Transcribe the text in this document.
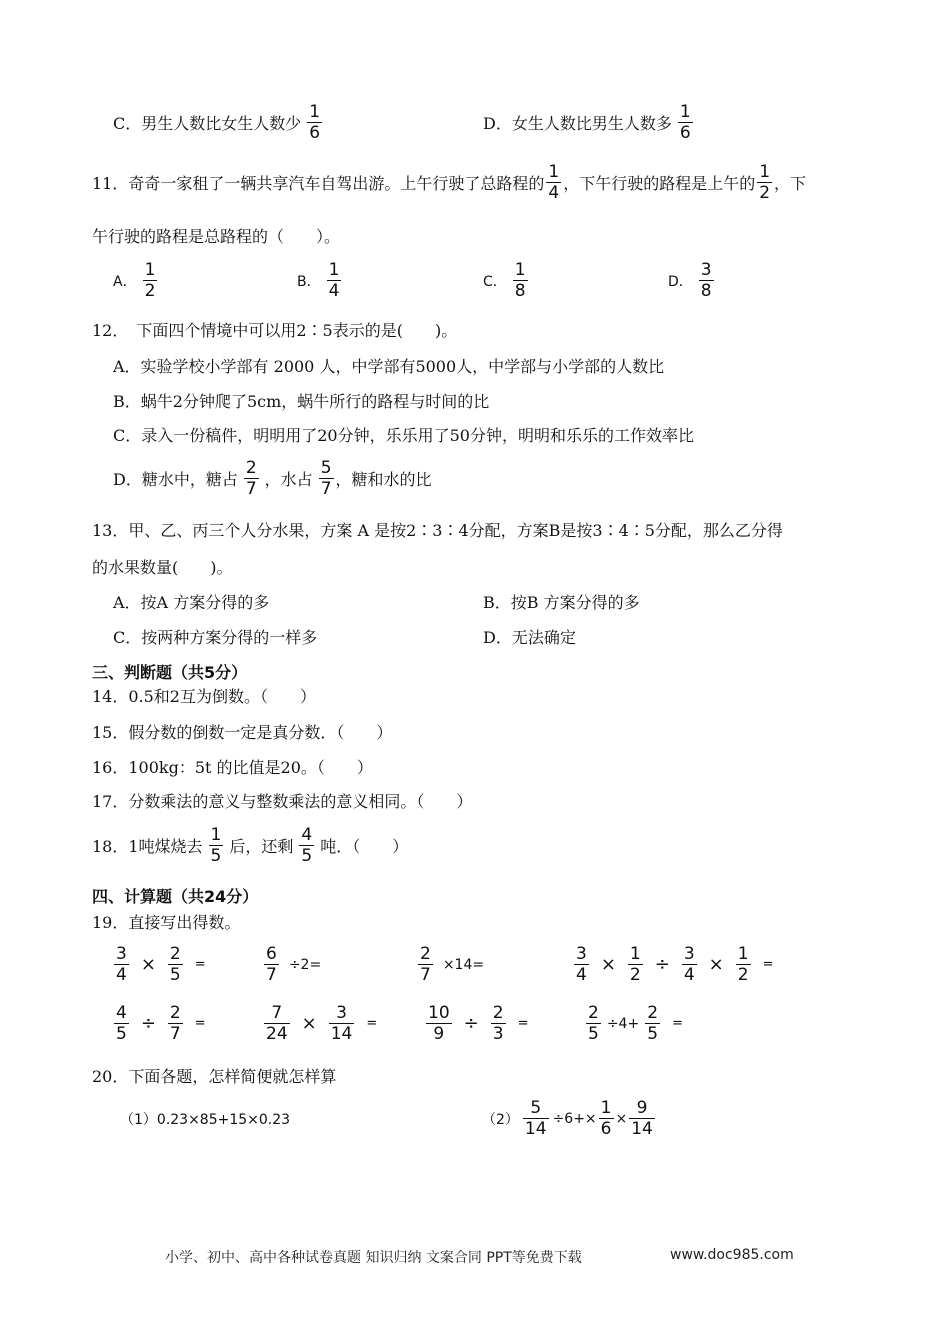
C．男生人数比女生人数少 $\frac{1}{6}$	D．女生人数比男生人数多 $\frac{1}{6}$
11．奇奇一家租了一辆共享汽车自驾出游。上午行驶了总路程的 $\frac{1}{4}$ ，下午行驶的路程是上午的 $\frac{1}{2}$ ，下
午行驶的路程是总路程的（　　）。
A． $\frac{1}{2}$	B． $\frac{1}{4}$	C． $\frac{1}{8}$	D． $\frac{3}{8}$
12．　下面四个情境中可以用2∶5表示的是(　　)。
A．实验学校小学部有 2000 人，中学部有5000人，中学部与小学部的人数比
B．蜗牛2分钟爬了5cm，蜗牛所行的路程与时间的比
C．录入一份稿件，明明用了20分钟，乐乐用了50分钟，明明和乐乐的工作效率比
D．糖水中，糖占 $\frac{2}{7}$ ，水占 $\frac{5}{7}$ ，糖和水的比
13．甲、乙、丙三个人分水果，方案 A 是按2∶3∶4分配，方案B是按3∶4∶5分配，那么乙分得
的水果数量(　　)。
A．按A 方案分得的多	B．按B 方案分得的多
C．按两种方案分得的一样多	D．无法确定
三、判断题（共5分）
14．0.5和2互为倒数。（　　）
15．假分数的倒数一定是真分数．（　　）
16．100kg：5t 的比值是20。（　　）
17．分数乘法的意义与整数乘法的意义相同。（　　）
18．1吨煤烧去 $\frac{1}{5}$ 后，还剩 $\frac{4}{5}$ 吨．（　　）
四、计算题（共24分）
19．直接写出得数。
$\frac{3}{4} \times \frac{2}{5}$ =	$\frac{6}{7} \div 2=$	$\frac{2}{7} \times 14=$	$\frac{3}{4} \times \frac{1}{2} \div \frac{3}{4} \times \frac{1}{2}$ =
$\frac{4}{5} \div \frac{2}{7}$ =	$\frac{7}{24} \times \frac{3}{14}$ =	$\frac{10}{9} \div \frac{2}{3}$ =	$\frac{2}{5} \div 4+ \frac{2}{5}$ =
20．下面各题，怎样简便就怎样算
（1）0.23×85+15×0.23	$(2) \frac{5}{14} \div 6+\times \frac{1}{6} \times \frac{9}{14}$
小学、初中、高中各种试卷真题 知识归纳 文案合同 PPT等免费下载	www.doc985.com
